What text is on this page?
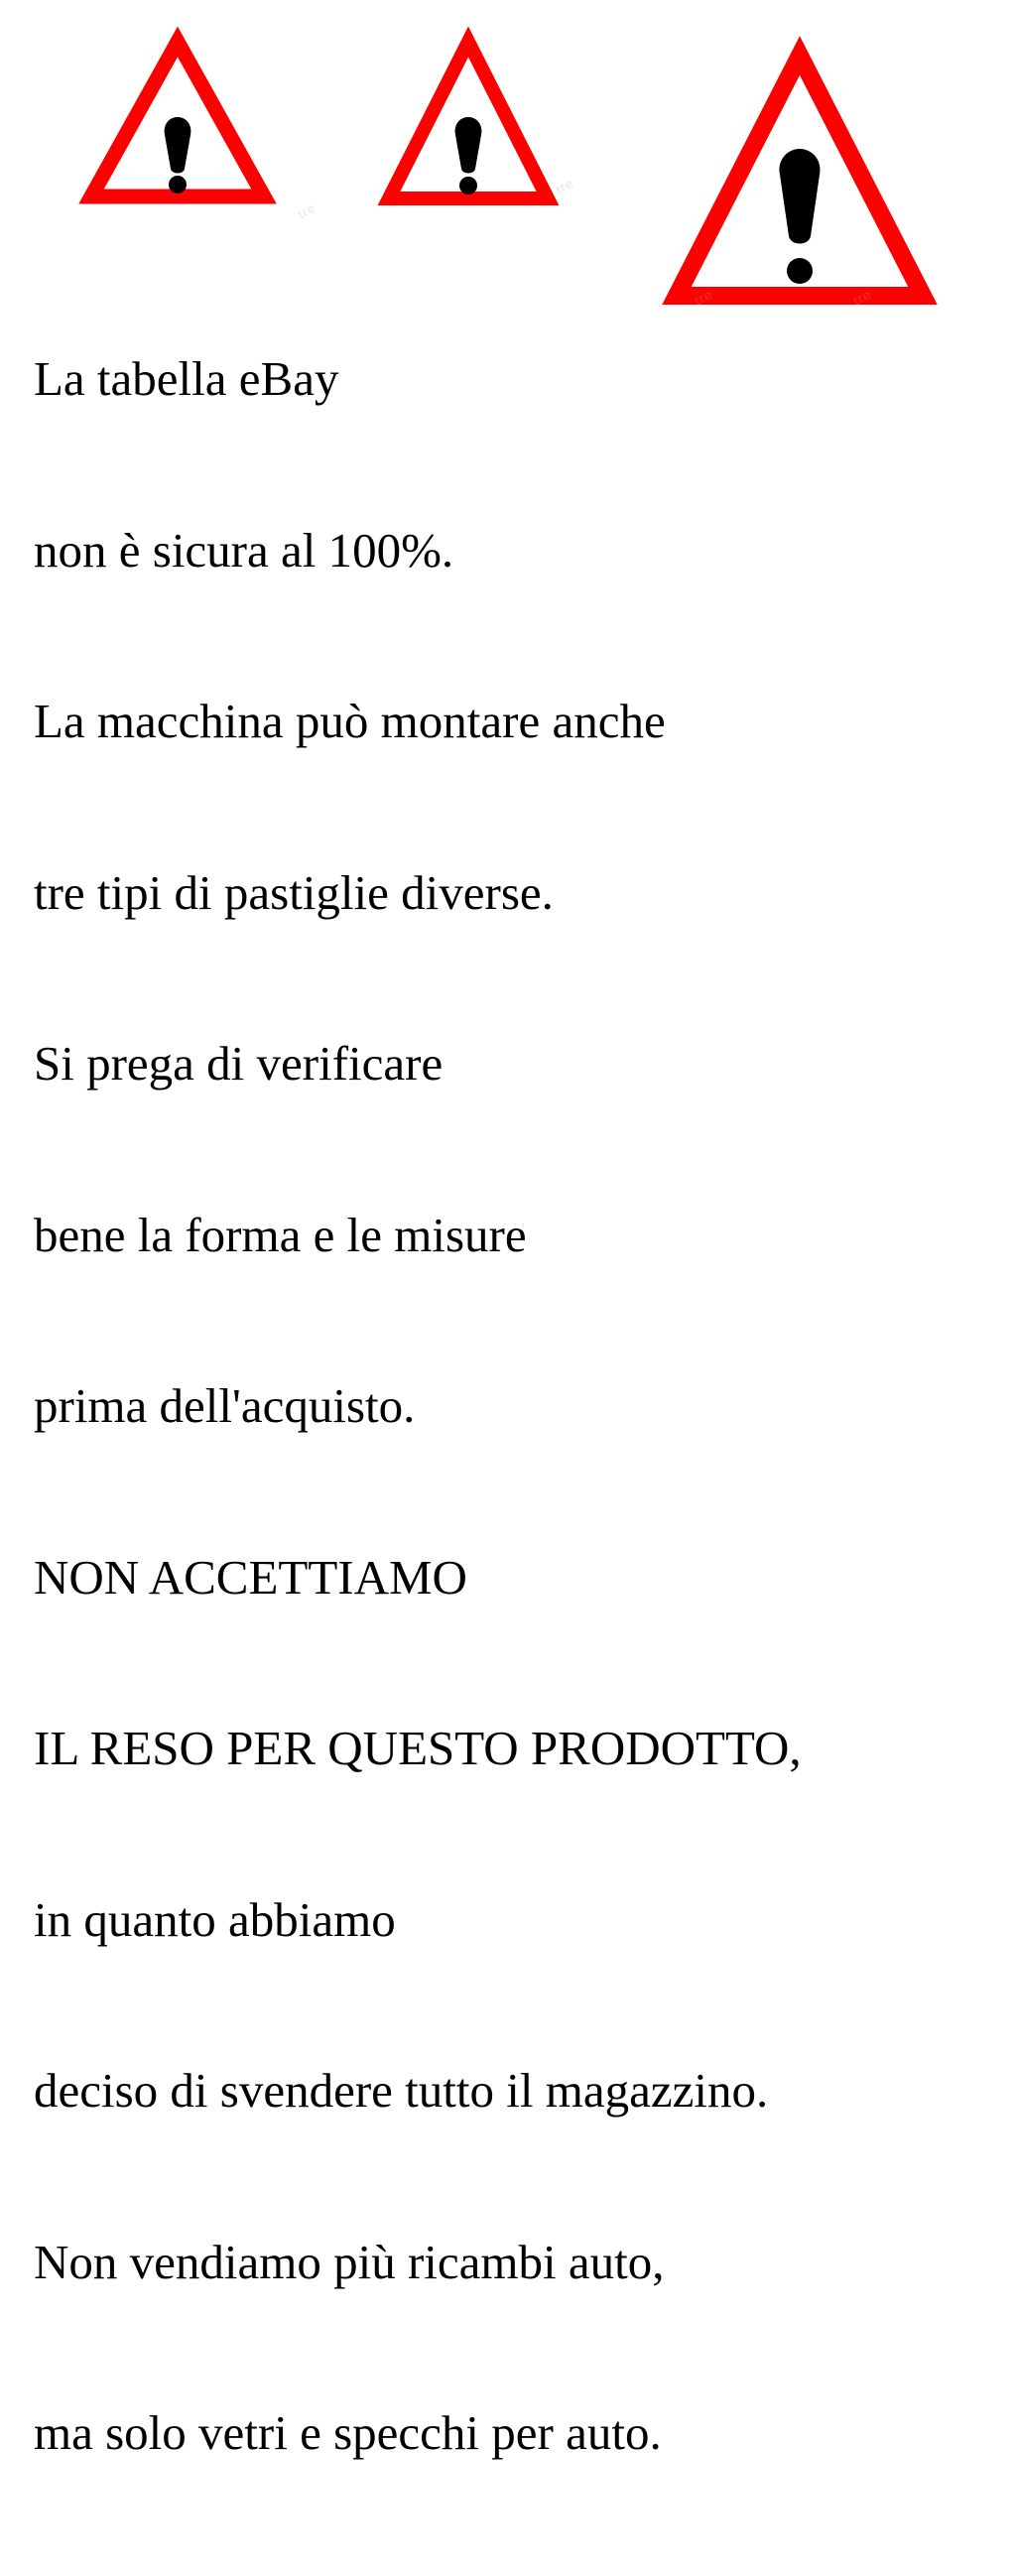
tre
tre
tre	tre

La tabella eBay

non è sicura al 100%.

La macchina può montare anche

tre tipi di pastiglie diverse.

Si prega di verificare

bene la forma e le misure

prima dell'acquisto.

NON ACCETTIAMO

IL RESO PER QUESTO PRODOTTO,

in quanto abbiamo

deciso di svendere tutto il magazzino.

Non vendiamo più ricambi auto,

ma solo vetri e specchi per auto.
